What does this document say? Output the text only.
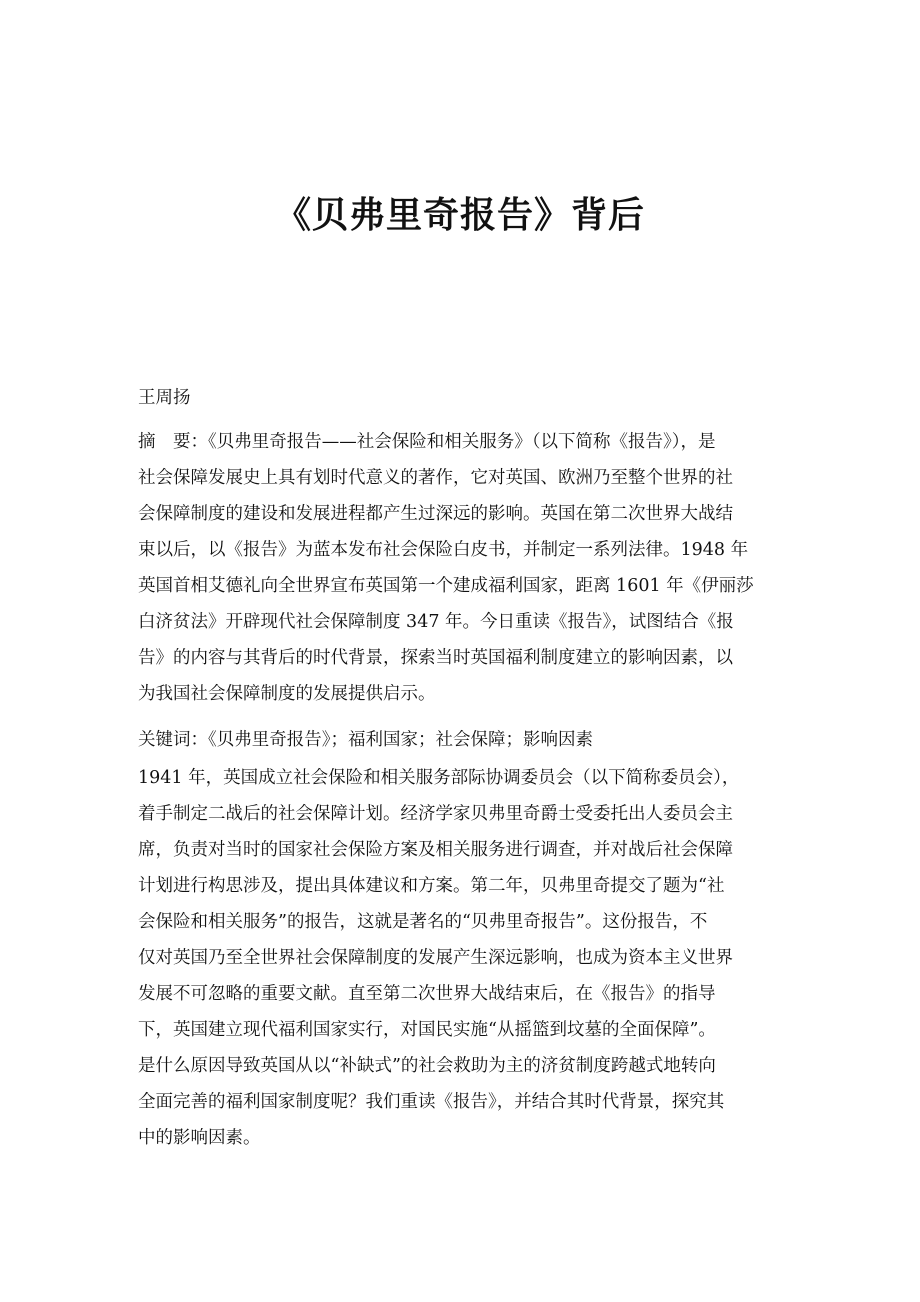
《贝弗里奇报告》背后
王周扬
摘　要：《贝弗里奇报告——社会保险和相关服务》（以下简称《报告》），是
社会保障发展史上具有划时代意义的著作，它对英国、欧洲乃至整个世界的社
会保障制度的建设和发展进程都产生过深远的影响。英国在第二次世界大战结
束以后，以《报告》为蓝本发布社会保险白皮书，并制定一系列法律。1948 年
英国首相艾德礼向全世界宣布英国第一个建成福利国家，距离 1601 年《伊丽莎
白济贫法》开辟现代社会保障制度 347 年。今日重读《报告》，试图结合《报
告》的内容与其背后的时代背景，探索当时英国福利制度建立的影响因素，以
为我国社会保障制度的发展提供启示。
关键词：《贝弗里奇报告》；福利国家；社会保障；影响因素
1941 年，英国成立社会保险和相关服务部际协调委员会（以下简称委员会），
着手制定二战后的社会保障计划。经济学家贝弗里奇爵士受委托出人委员会主
席，负责对当时的国家社会保险方案及相关服务进行调查，并对战后社会保障
计划进行构思涉及，提出具体建议和方案。第二年，贝弗里奇提交了题为“社
会保险和相关服务”的报告，这就是著名的“贝弗里奇报告”。这份报告，不
仅对英国乃至全世界社会保障制度的发展产生深远影响，也成为资本主义世界
发展不可忽略的重要文献。直至第二次世界大战结束后，在《报告》的指导
下，英国建立现代福利国家实行，对国民实施“从摇篮到坟墓的全面保障”。
是什么原因导致英国从以“补缺式”的社会救助为主的济贫制度跨越式地转向
全面完善的福利国家制度呢？我们重读《报告》，并结合其时代背景，探究其
中的影响因素。
